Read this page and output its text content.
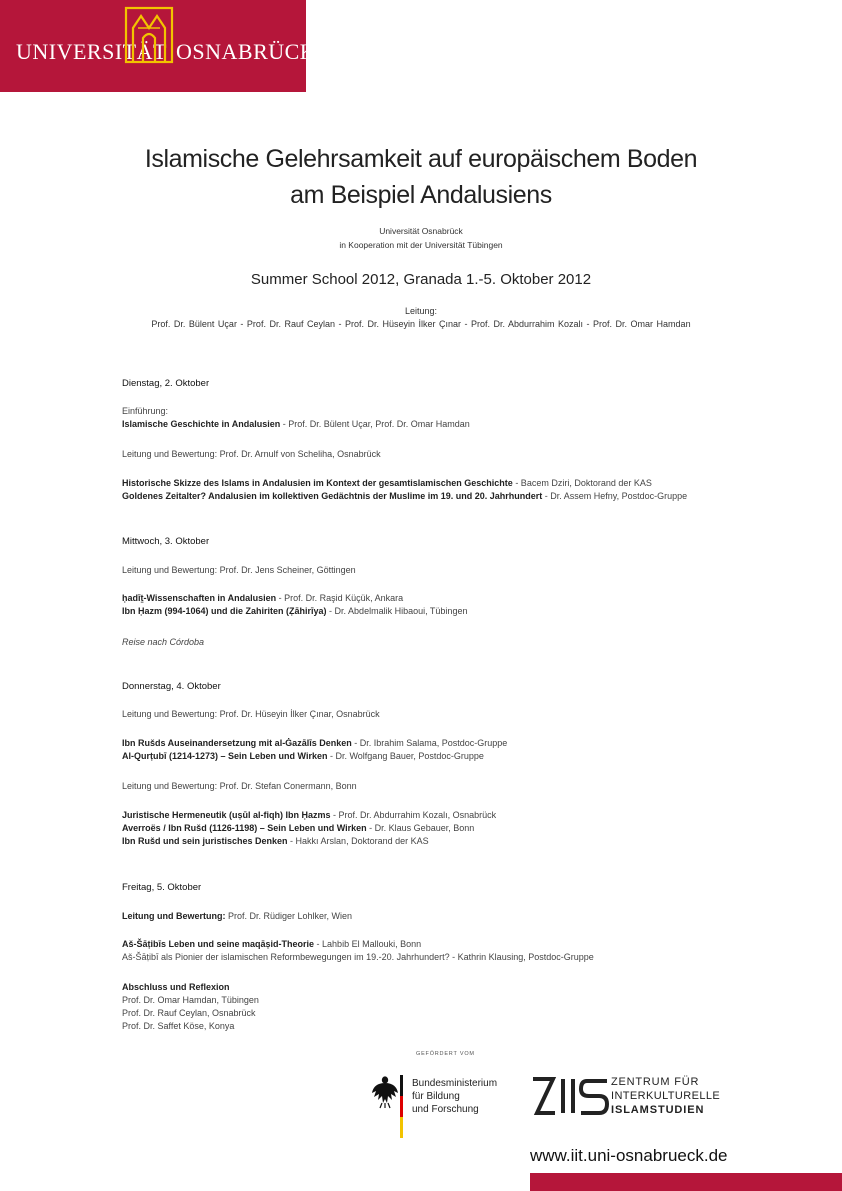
UNIVERSITÄT OSNABRÜCK
Islamische Gelehrsamkeit auf europäischem Boden
am Beispiel Andalusiens
Universität Osnabrück
in Kooperation mit der Universität Tübingen
Summer School 2012, Granada 1.-5. Oktober 2012
Leitung:
Prof. Dr. Bülent Uçar - Prof. Dr. Rauf Ceylan - Prof. Dr. Hüseyin İlker Çınar - Prof. Dr. Abdurrahim Kozalı - Prof. Dr. Omar Hamdan
Dienstag, 2. Oktober
Einführung:
Islamische Geschichte in Andalusien - Prof. Dr. Bülent Uçar, Prof. Dr. Omar Hamdan
Leitung und Bewertung: Prof. Dr. Arnulf von Scheliha, Osnabrück
Historische Skizze des Islams in Andalusien im Kontext der gesamtislamischen Geschichte - Bacem Dziri, Doktorand der KAS
Goldenes Zeitalter? Andalusien im kollektiven Gedächtnis der Muslime im 19. und 20. Jahrhundert - Dr. Assem Hefny, Postdoc-Gruppe
Mittwoch, 3. Oktober
Leitung und Bewertung: Prof. Dr. Jens Scheiner, Göttingen
ḥadīṯ-Wissenschaften in Andalusien - Prof. Dr. Raşid Küçük, Ankara
Ibn Ḥazm (994-1064) und die Zahiriten (Ẓāhirīya) - Dr. Abdelmalik Hibaoui, Tübingen
Reise nach Córdoba
Donnerstag, 4. Oktober
Leitung und Bewertung: Prof. Dr. Hüseyin İlker Çınar, Osnabrück
Ibn Rušds Auseinandersetzung mit al-Ġazālīs Denken - Dr. Ibrahim Salama, Postdoc-Gruppe
Al-Qurṭubī (1214-1273) – Sein Leben und Wirken - Dr. Wolfgang Bauer, Postdoc-Gruppe
Leitung und Bewertung: Prof. Dr. Stefan Conermann, Bonn
Juristische Hermeneutik (uṣūl al-fiqh) Ibn Ḥazms - Prof. Dr. Abdurrahim Kozalı, Osnabrück
Averroës / Ibn Rušd (1126-1198) – Sein Leben und Wirken - Dr. Klaus Gebauer, Bonn
Ibn Rušd und sein juristisches Denken - Hakkı Arslan, Doktorand der KAS
Freitag, 5. Oktober
Leitung und Bewertung: Prof. Dr. Rüdiger Lohlker, Wien
Aš-Šāṭibīs Leben und seine maqāṣid-Theorie - Lahbib El Mallouki, Bonn
Aš-Šāṭibī als Pionier der islamischen Reformbewegungen im 19.-20. Jahrhundert? - Kathrin Klausing, Postdoc-Gruppe
Abschluss und Reflexion
Prof. Dr. Omar Hamdan, Tübingen
Prof. Dr. Rauf Ceylan, Osnabrück
Prof. Dr. Saffet Köse, Konya
GEFÖRDERT VOM
Bundesministerium
für Bildung
und Forschung
ZENTRUM FÜR
INTERKULTURELLE
ISLAMSTUDIEN
www.iit.uni-osnabrueck.de
